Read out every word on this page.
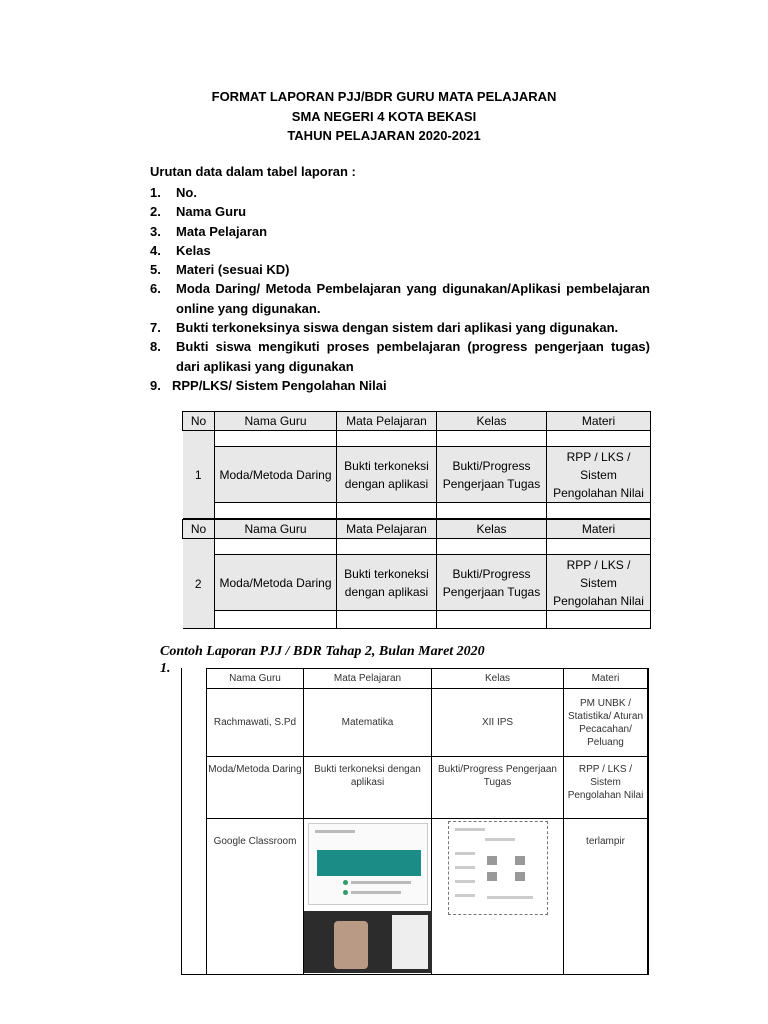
FORMAT LAPORAN PJJ/BDR GURU MATA PELAJARAN
SMA NEGERI 4 KOTA BEKASI
TAHUN PELAJARAN 2020-2021
Urutan data dalam tabel laporan :
1.	No.
2.	Nama Guru
3.	Mata Pelajaran
4.	Kelas
5.	Materi (sesuai KD)
6.	Moda Daring/ Metoda Pembelajaran yang digunakan/Aplikasi pembelajaran online yang digunakan.
7.	Bukti terkoneksinya siswa dengan sistem dari aplikasi yang digunakan.
8.	Bukti siswa mengikuti proses pembelajaran (progress pengerjaan tugas) dari aplikasi yang digunakan
9. RPP/LKS/ Sistem Pengolahan Nilai
No	Nama Guru	Mata Pelajaran	Kelas	Materi
1				
	Moda/Metoda Daring	Bukti terkoneksi dengan aplikasi	Bukti/Progress Pengerjaan Tugas	RPP / LKS / Sistem Pengolahan Nilai

No	Nama Guru	Mata Pelajaran	Kelas	Materi
2				
	Moda/Metoda Daring	Bukti terkoneksi dengan aplikasi	Bukti/Progress Pengerjaan Tugas	RPP / LKS / Sistem Pengolahan Nilai

Contoh Laporan PJJ / BDR Tahap 2, Bulan Maret 2020
1.
Nama Guru	Mata Pelajaran	Kelas	Materi
Rachmawati, S.Pd	Matematika	XII IPS	PM UNBK / Statistika/ Aturan Pecacahan/ Peluang
Moda/Metoda Daring	Bukti terkoneksi dengan aplikasi	Bukti/Progress Pengerjaan Tugas	RPP / LKS / Sistem Pengolahan Nilai
Google Classroom			terlampir
